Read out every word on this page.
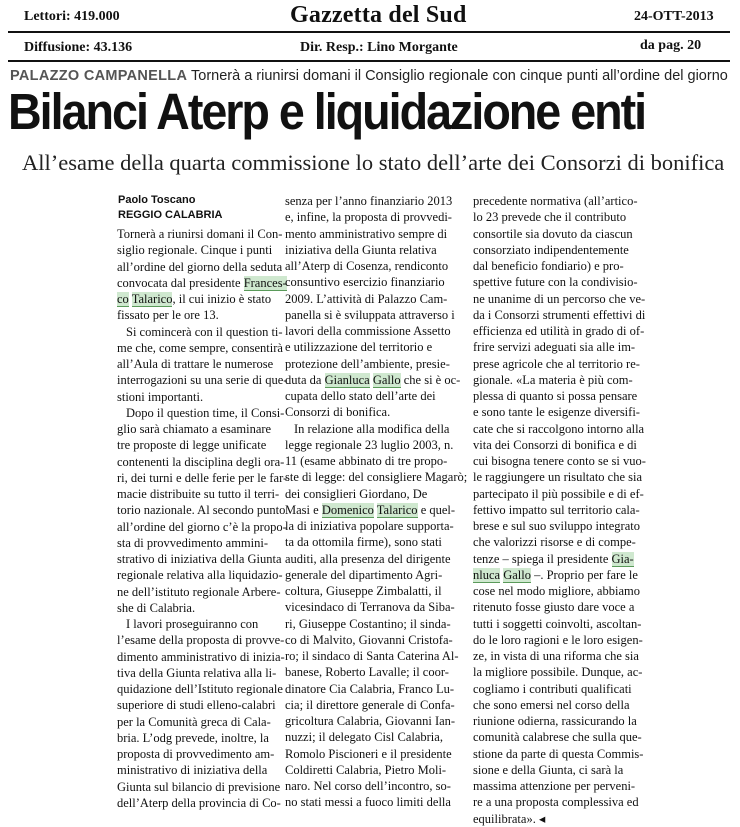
Lettori: 419.000	Gazzetta del Sud	24-OTT-2013
Diffusione: 43.136	Dir. Resp.: Lino Morgante	da pag. 20
PALAZZO CAMPANELLA Tornerà a riunirsi domani il Consiglio regionale con cinque punti all’ordine del giorno
Bilanci Aterp e liquidazione enti
All’esame della quarta commissione lo stato dell’arte dei Consorzi di bonifica
Paolo Toscano
REGGIO CALABRIA
Tornerà a riunirsi domani il Con-
siglio regionale. Cinque i punti
all’ordine del giorno della seduta
convocata dal presidente Frances-
co Talarico, il cui inizio è stato
fissato per le ore 13.
Si comincerà con il question ti-
me che, come sempre, consentirà
all’Aula di trattare le numerose
interrogazioni su una serie di que-
stioni importanti.
Dopo il question time, il Consi-
glio sarà chiamato a esaminare
tre proposte di legge unificate
contenenti la disciplina degli ora-
ri, dei turni e delle ferie per le far-
macie distribuite su tutto il terri-
torio nazionale. Al secondo punto
all’ordine del giorno c’è la propo-
sta di provvedimento ammini-
strativo di iniziativa della Giunta
regionale relativa alla liquidazio-
ne dell’istituto regionale Arbere-
she di Calabria.
I lavori proseguiranno con
l’esame della proposta di provve-
dimento amministrativo di inizia-
tiva della Giunta relativa alla li-
quidazione dell’Istituto regionale
superiore di studi elleno-calabri
per la Comunità greca di Cala-
bria. L’odg prevede, inoltre, la
proposta di provvedimento am-
ministrativo di iniziativa della
Giunta sul bilancio di previsione
dell’Aterp della provincia di Co-
senza per l’anno finanziario 2013
e, infine, la proposta di provvedi-
mento amministrativo sempre di
iniziativa della Giunta relativa
all’Aterp di Cosenza, rendiconto
consuntivo esercizio finanziario
2009. L’attività di Palazzo Cam-
panella si è sviluppata attraverso i
lavori della commissione Assetto
e utilizzazione del territorio e
protezione dell’ambiente, presie-
duta da Gianluca Gallo che si è oc-
cupata dello stato dell’arte dei
Consorzi di bonifica.
In relazione alla modifica della
legge regionale 23 luglio 2003, n.
11 (esame abbinato di tre propo-
ste di legge: del consigliere Magarò;
dei consiglieri Giordano, De
Masi e Domenico Talarico e quel-
la di iniziativa popolare supporta-
ta da ottomila firme), sono stati
auditi, alla presenza del dirigente
generale del dipartimento Agri-
coltura, Giuseppe Zimbalatti, il
vicesindaco di Terranova da Siba-
ri, Giuseppe Costantino; il sinda-
co di Malvito, Giovanni Cristofa-
ro; il sindaco di Santa Caterina Al-
banese, Roberto Lavalle; il coor-
dinatore Cia Calabria, Franco Lu-
cia; il direttore generale di Confa-
gricoltura Calabria, Giovanni Ian-
nuzzi; il delegato Cisl Calabria,
Romolo Piscioneri e il presidente
Coldiretti Calabria, Pietro Moli-
naro. Nel corso dell’incontro, so-
no stati messi a fuoco limiti della
precedente normativa (all’artico-
lo 23 prevede che il contributo
consortile sia dovuto da ciascun
consorziato indipendentemente
dal beneficio fondiario) e pro-
spettive future con la condivisio-
ne unanime di un percorso che ve-
da i Consorzi strumenti effettivi di
efficienza ed utilità in grado di of-
frire servizi adeguati sia alle im-
prese agricole che al territorio re-
gionale. «La materia è più com-
plessa di quanto si possa pensare
e sono tante le esigenze diversifi-
cate che si raccolgono intorno alla
vita dei Consorzi di bonifica e di
cui bisogna tenere conto se si vuo-
le raggiungere un risultato che sia
partecipato il più possibile e di ef-
fettivo impatto sul territorio cala-
brese e sul suo sviluppo integrato
che valorizzi risorse e di compe-
tenze – spiega il presidente Gia-
nluca Gallo –. Proprio per fare le
cose nel modo migliore, abbiamo
ritenuto fosse giusto dare voce a
tutti i soggetti coinvolti, ascoltan-
do le loro ragioni e le loro esigen-
ze, in vista di una riforma che sia
la migliore possibile. Dunque, ac-
cogliamo i contributi qualificati
che sono emersi nel corso della
riunione odierna, rassicurando la
comunità calabrese che sulla que-
stione da parte di questa Commis-
sione e della Giunta, ci sarà la
massima attenzione per perveni-
re a una proposta complessiva ed
equilibrata». ◂
